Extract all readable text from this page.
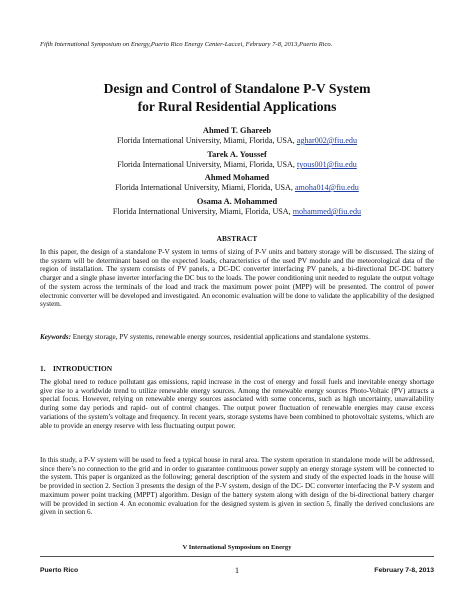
Fifth International Symposium on Energy,Puerto Rico Energy Center-Laccei, February 7-8, 2013,Puerto Rico.
Design and Control of Standalone P-V System
for Rural Residential Applications
Ahmed T. Ghareeb
Florida International University, Miami, Florida, USA, aghar002@fiu.edu
Tarek A. Youssef
Florida International University, Miami, Florida, USA, tyous001@fiu.edu
Ahmed Mohamed
Florida International University, Miami, Florida, USA, amoha014@fiu.edu
Osama A. Mohammed
Florida International University, Miami, Florida, USA, mohammed@fiu.edu
ABSTRACT
In this paper, the design of a standalone P-V system in terms of sizing of P-V units and battery storage will be discussed. The sizing of the system will be determinant based on the expected loads, characteristics of the used PV module and the meteorological data of the region of installation. The system consists of PV panels, a DC-DC converter interfacing PV panels, a bi-directional DC-DC battery charger and a single phase inverter interfacing the DC bus to the loads. The power conditioning unit needed to regulate the output voltage of the system across the terminals of the load and track the maximum power point (MPP) will be presented. The control of power electronic converter will be developed and investigated. An economic evaluation will be done to validate the applicability of the designed system.
Keywords: Energy storage, PV systems, renewable energy sources, residential applications and standalone systems.
1. INTRODUCTION
The global need to reduce pollutant gas emissions, rapid increase in the cost of energy and fossil fuels and inevitable energy shortage give rise to a worldwide trend to utilize renewable energy sources. Among the renewable energy sources Photo-Voltaic (PV) attracts a special focus. However, relying on renewable energy sources associated with some concerns, such as high uncertainty, unavailability during some day periods and rapid- out of control changes. The output power fluctuation of renewable energies may cause excess variations of the system’s voltage and frequency. In recent years, storage systems have been combined to photovoltaic systems, which are able to provide an energy reserve with less fluctuating output power.
In this study, a P-V system will be used to feed a typical house in rural area. The system operation in standalone mode will be addressed, since there’s no connection to the grid and in order to guarantee continuous power supply an energy storage system will be connected to the system. This paper is organized as the following; general description of the system and study of the expected loads in the house will be provided in section 2. Section 3 presents the design of the P-V system, design of the DC- DC converter interfacing the P-V system and maximum power point tracking (MPPT) algorithm. Design of the battery system along with design of the bi-directional battery charger will be provided in section 4. An economic evaluation for the designed system is given in section 5, finally the derived conclusions are given in section 6.
V International Symposium on Energy
Puerto Rico	1	February 7-8, 2013
